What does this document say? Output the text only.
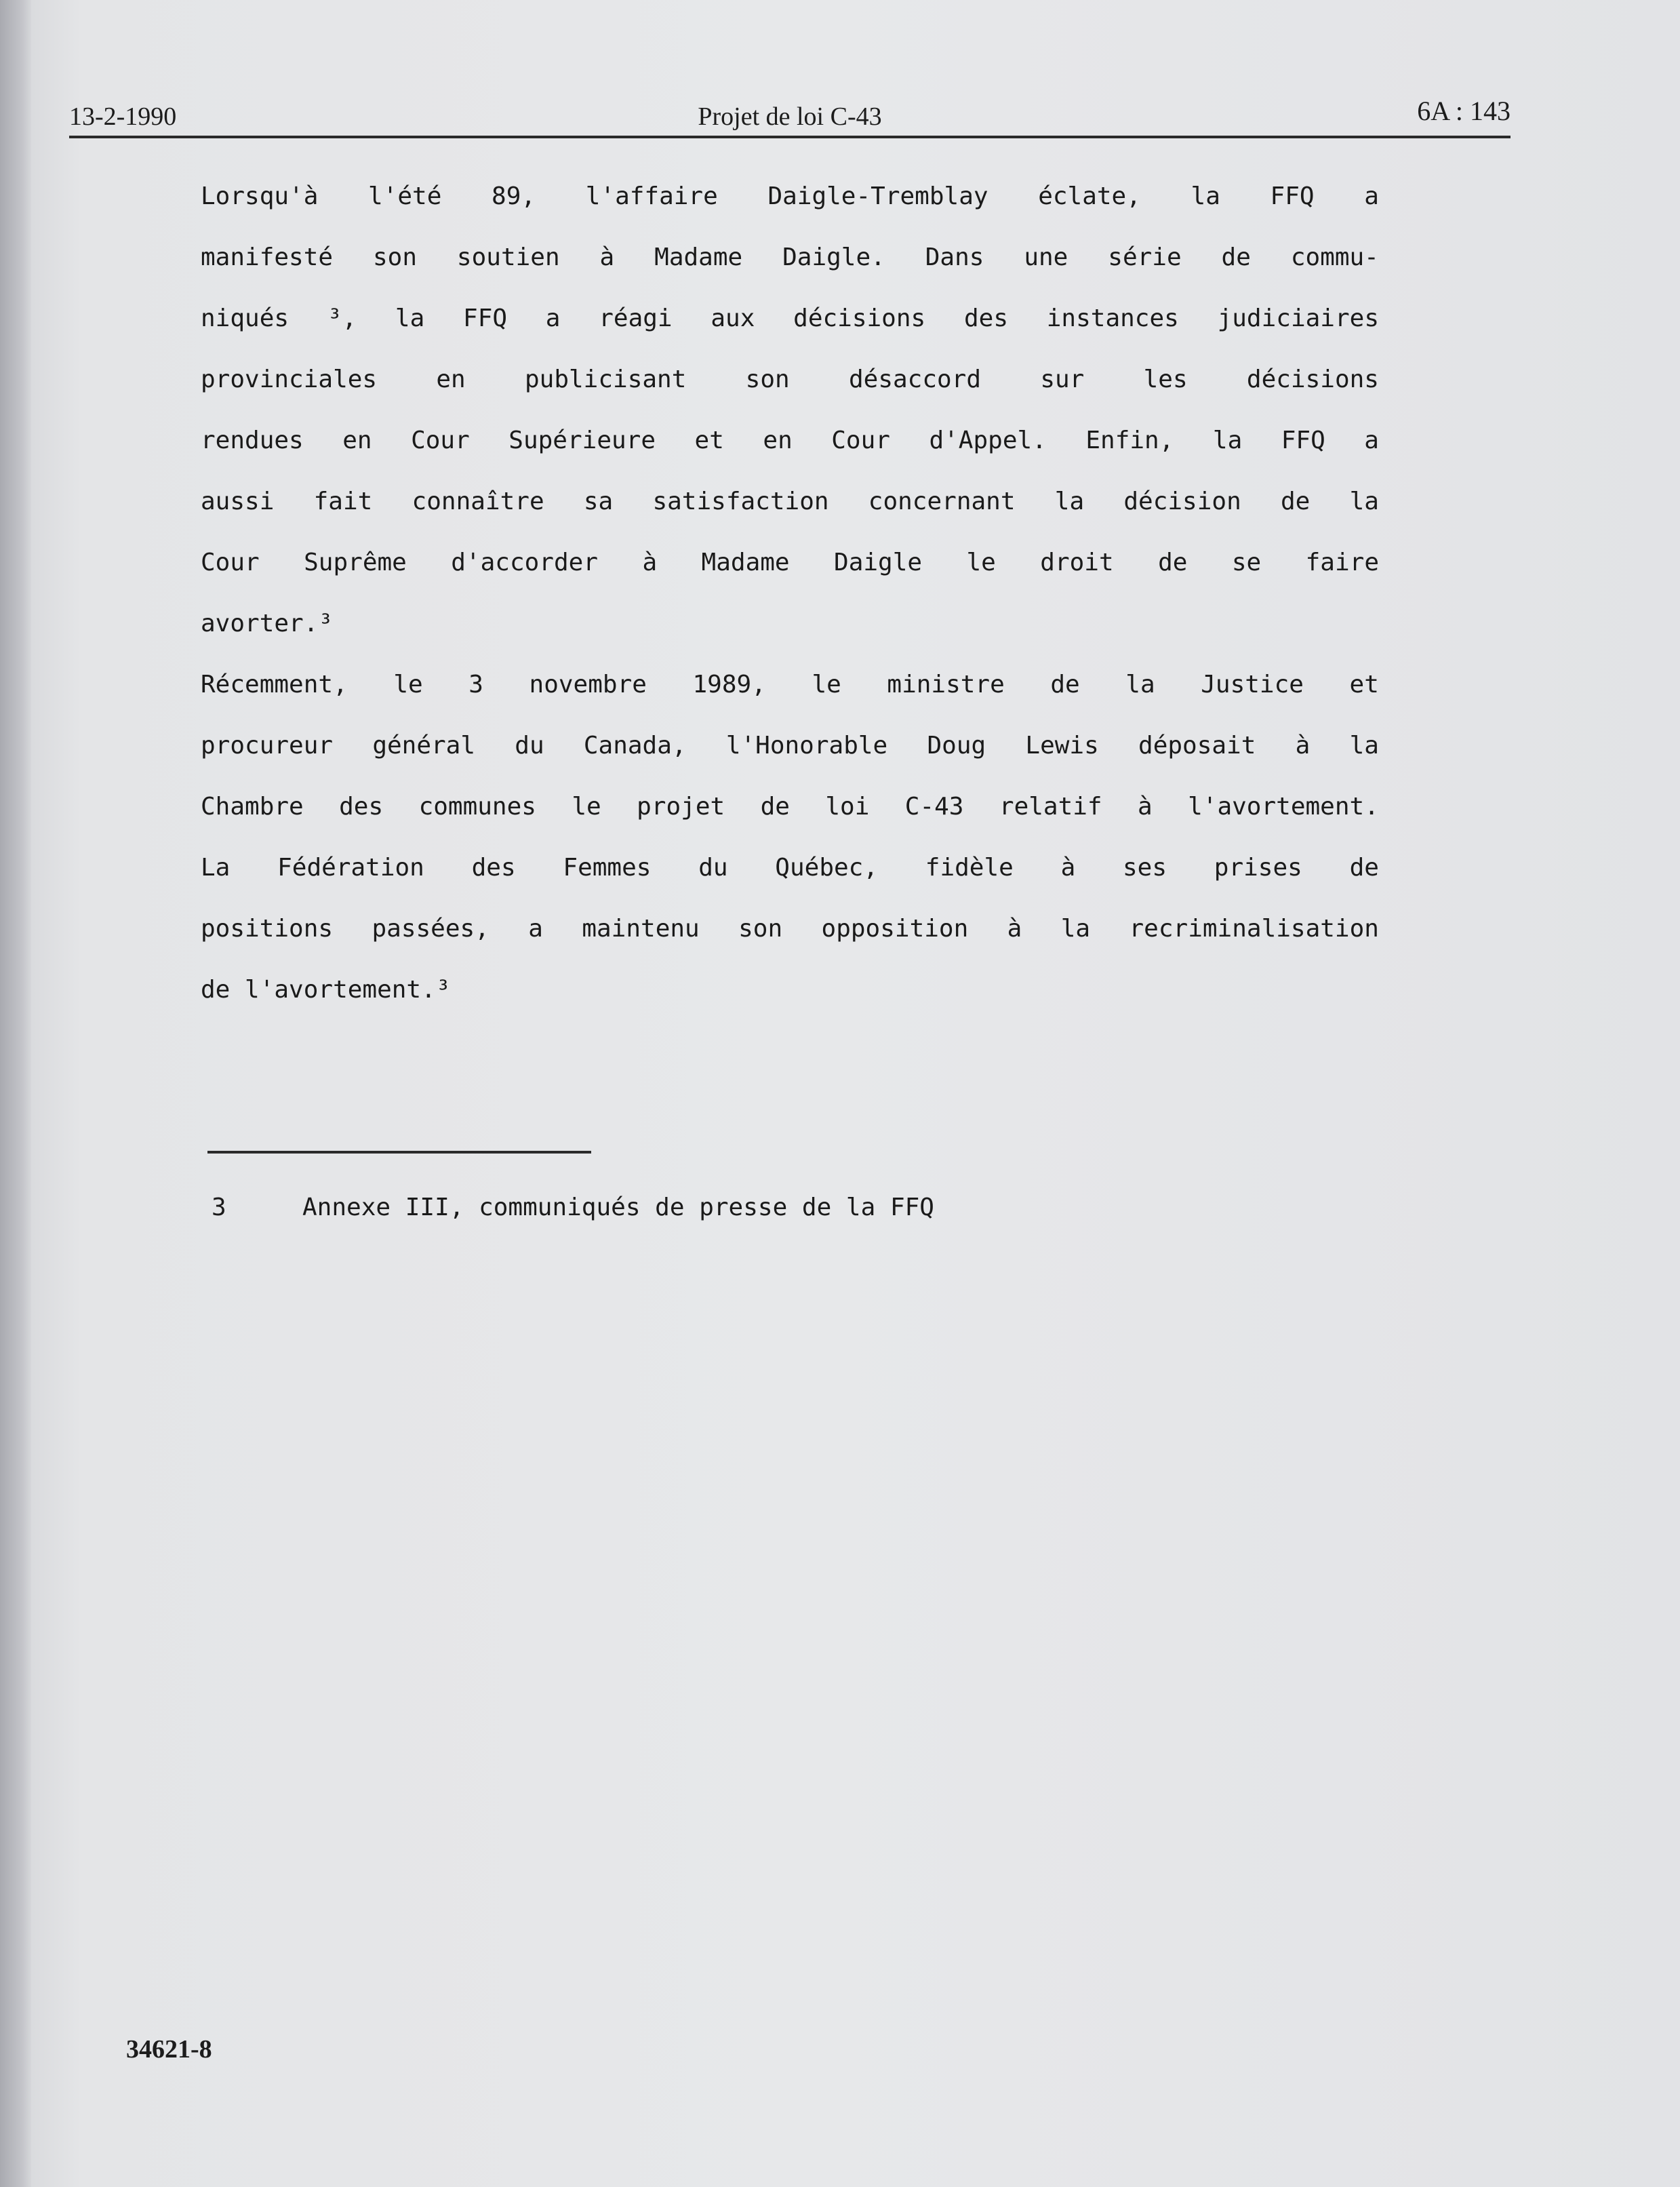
13-2-1990	Projet de loi C-43	6A : 143
Lorsqu'à l'été 89, l'affaire Daigle-Tremblay éclate, la FFQ a
manifesté son soutien à Madame Daigle. Dans une série de commu-
niqués ³, la FFQ a réagi aux décisions des instances judiciaires
provinciales en publicisant son désaccord sur les décisions
rendues en Cour Supérieure et en Cour d'Appel. Enfin, la FFQ a
aussi fait connaître sa satisfaction concernant la décision de la
Cour Suprême d'accorder à Madame Daigle le droit de se faire
avorter.³
Récemment, le 3 novembre 1989, le ministre de la Justice et
procureur général du Canada, l'Honorable Doug Lewis déposait à la
Chambre des communes le projet de loi C-43 relatif à l'avortement.
La Fédération des Femmes du Québec, fidèle à ses prises de
positions passées, a maintenu son opposition à la recriminalisation
de l'avortement.³
3	Annexe III, communiqués de presse de la FFQ
34621-8
